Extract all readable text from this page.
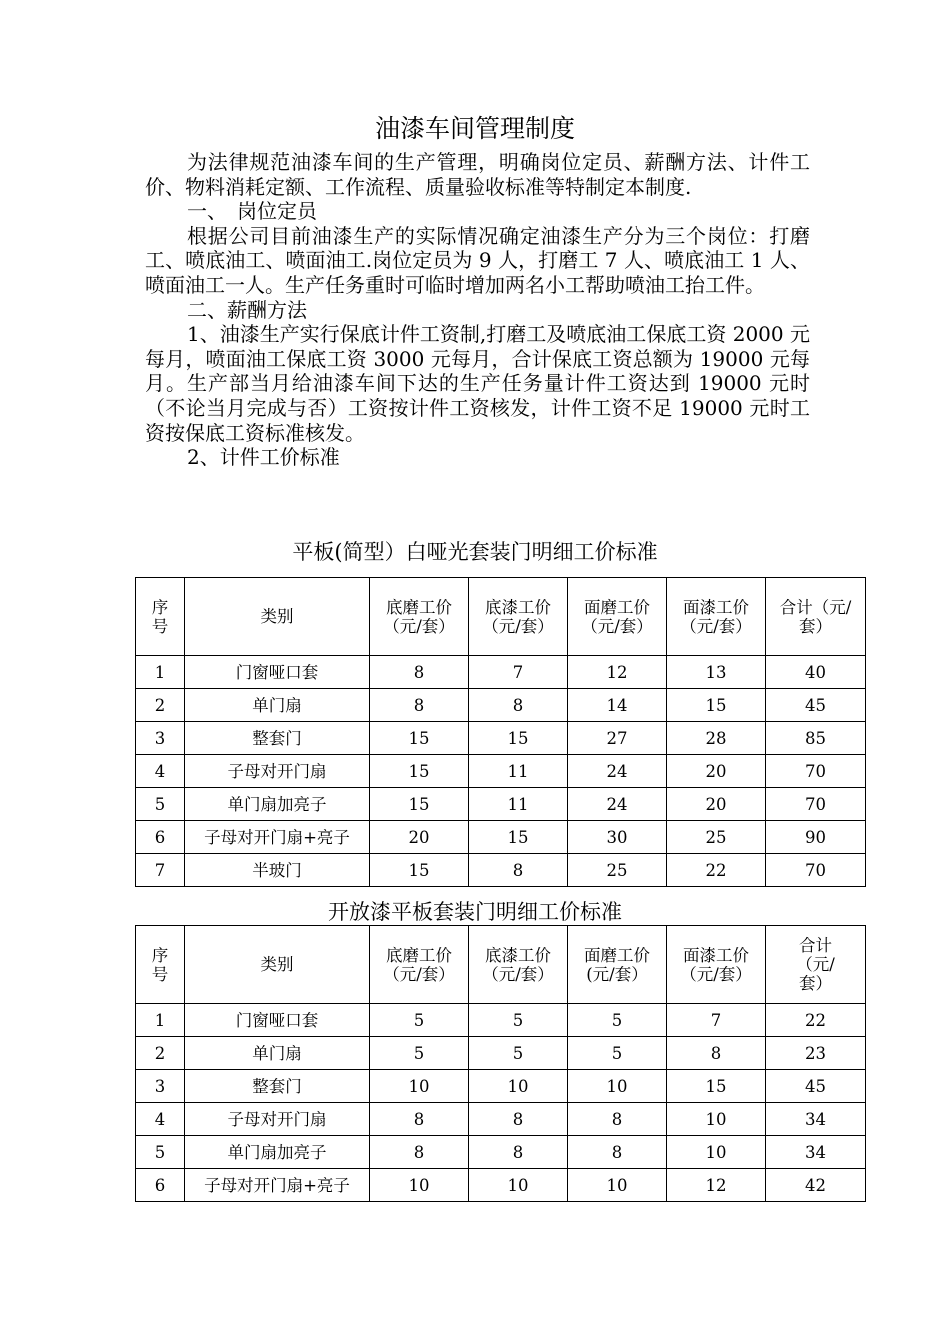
油漆车间管理制度

为法律规范油漆车间的生产管理，明确岗位定员、薪酬方法、计件工价、物料消耗定额、工作流程、质量验收标准等特制定本制度.

一、　岗位定员

根据公司目前油漆生产的实际情况确定油漆生产分为三个岗位：打磨工、喷底油工、喷面油工.岗位定员为 9 人，打磨工 7 人、喷底油工 1 人、喷面油工一人。生产任务重时可临时增加两名小工帮助喷油工抬工件。

二、薪酬方法

1、油漆生产实行保底计件工资制,打磨工及喷底油工保底工资 2000 元每月，喷面油工保底工资 3000 元每月，合计保底工资总额为 19000 元每月。生产部当月给油漆车间下达的生产任务量计件工资达到 19000 元时（不论当月完成与否）工资按计件工资核发，计件工资不足 19000 元时工资按保底工资标准核发。

2、计件工价标准

平板(简型）白哑光套装门明细工价标准
序号	类别	底磨工价（元/套）	底漆工价（元/套）	面磨工价（元/套）	面漆工价（元/套）	合计（元/套）
1	门窗哑口套	8	7	12	13	40
2	单门扇	8	8	14	15	45
3	整套门	15	15	27	28	85
4	子母对开门扇	15	11	24	20	70
5	单门扇加亮子	15	11	24	20	70
6	子母对开门扇+亮子	20	15	30	25	90
7	半玻门	15	8	25	22	70
开放漆平板套装门明细工价标准
序号	类别	底磨工价（元/套）	底漆工价（元/套）	面磨工价(元/套）	面漆工价（元/套）	合计（元/套）
1	门窗哑口套	5	5	5	7	22
2	单门扇	5	5	5	8	23
3	整套门	10	10	10	15	45
4	子母对开门扇	8	8	8	10	34
5	单门扇加亮子	8	8	8	10	34
6	子母对开门扇+亮子	10	10	10	12	42
